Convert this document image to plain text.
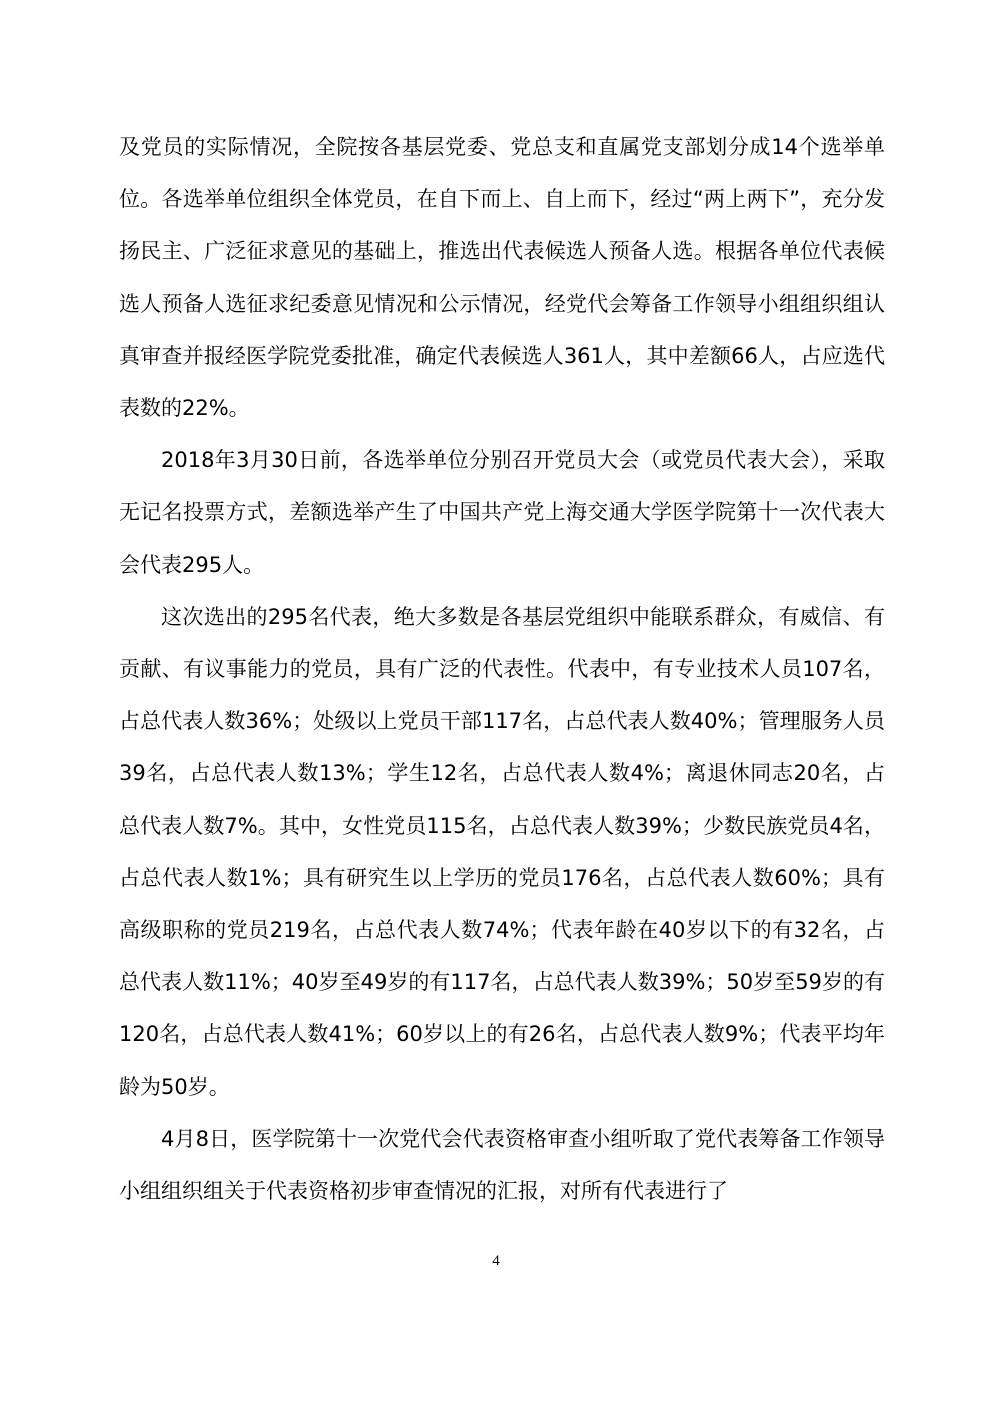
及党员的实际情况，全院按各基层党委、党总支和直属党支部划分成14个选举单位。各选举单位组织全体党员，在自下而上、自上而下，经过“两上两下”，充分发扬民主、广泛征求意见的基础上，推选出代表候选人预备人选。根据各单位代表候选人预备人选征求纪委意见情况和公示情况，经党代会筹备工作领导小组组织组认真审查并报经医学院党委批准，确定代表候选人361人，其中差额66人，占应选代表数的22%。

2018年3月30日前，各选举单位分别召开党员大会（或党员代表大会），采取无记名投票方式，差额选举产生了中国共产党上海交通大学医学院第十一次代表大会代表295人。

这次选出的295名代表，绝大多数是各基层党组织中能联系群众，有威信、有贡献、有议事能力的党员，具有广泛的代表性。代表中，有专业技术人员107名，占总代表人数36%；处级以上党员干部117名，占总代表人数40%；管理服务人员39名，占总代表人数13%；学生12名，占总代表人数4%；离退休同志20名，占总代表人数7%。其中，女性党员115名，占总代表人数39%；少数民族党员4名，占总代表人数1%；具有研究生以上学历的党员176名，占总代表人数60%；具有高级职称的党员219名，占总代表人数74%；代表年龄在40岁以下的有32名，占总代表人数11%；40岁至49岁的有117名，占总代表人数39%；50岁至59岁的有120名，占总代表人数41%；60岁以上的有26名，占总代表人数9%；代表平均年龄为50岁。

4月8日，医学院第十一次党代会代表资格审查小组听取了党代表筹备工作领导小组组织组关于代表资格初步审查情况的汇报，对所有代表进行了

4
